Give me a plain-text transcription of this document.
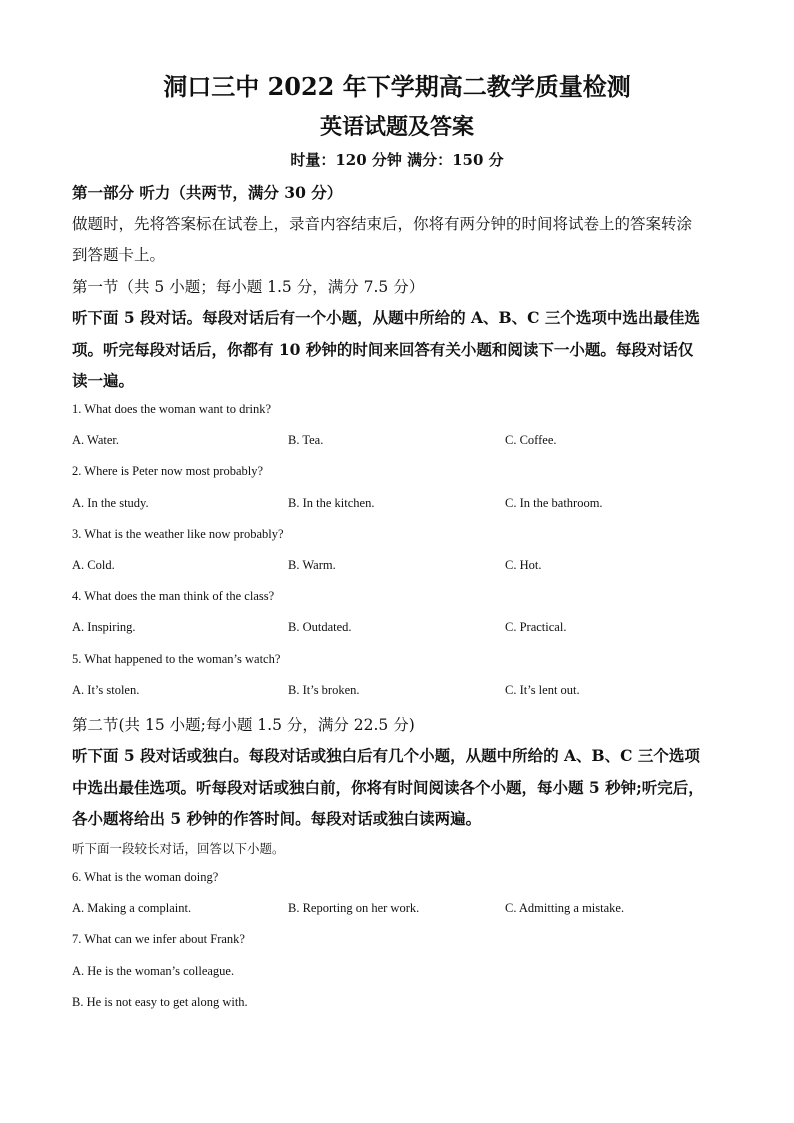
洞口三中 2022 年下学期高二教学质量检测
英语试题及答案
时量：120 分钟 满分：150 分
第一部分 听力（共两节，满分 30 分）
做题时，先将答案标在试卷上，录音内容结束后，你将有两分钟的时间将试卷上的答案转涂
到答题卡上。
第一节（共 5 小题；每小题 1.5 分，满分 7.5 分）
听下面 5 段对话。每段对话后有一个小题，从题中所给的 A、B、C 三个选项中选出最佳选
项。听完每段对话后，你都有 10 秒钟的时间来回答有关小题和阅读下一小题。每段对话仅
读一遍。
1. What does the woman want to drink?
A. Water.	B. Tea.	C. Coffee.
2. Where is Peter now most probably?
A. In the study.	B. In the kitchen.	C. In the bathroom.
3. What is the weather like now probably?
A. Cold.	B. Warm.	C. Hot.
4. What does the man think of the class?
A. Inspiring.	B. Outdated.	C. Practical.
5. What happened to the woman’s watch?
A. It’s stolen.	B. It’s broken.	C. It’s lent out.
第二节(共 15 小题;每小题 1.5 分，满分 22.5 分)
听下面 5 段对话或独白。每段对话或独白后有几个小题，从题中所给的 A、B、C 三个选项
中选出最佳选项。听每段对话或独白前，你将有时间阅读各个小题，每小题 5 秒钟;听完后，
各小题将给出 5 秒钟的作答时间。每段对话或独白读两遍。
听下面一段较长对话，回答以下小题。
6. What is the woman doing?
A. Making a complaint.	B. Reporting on her work.	C. Admitting a mistake.
7. What can we infer about Frank?
A. He is the woman’s colleague.
B. He is not easy to get along with.
